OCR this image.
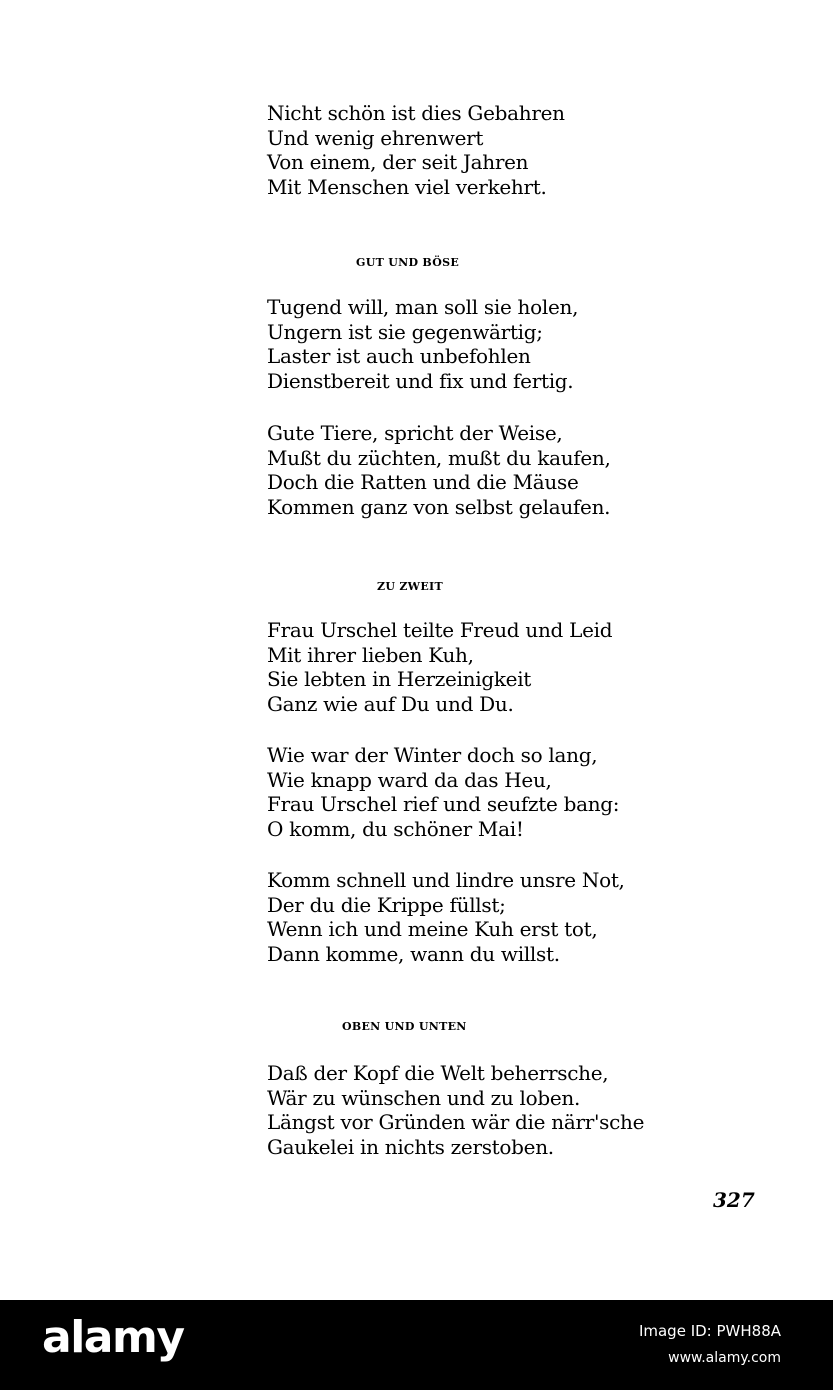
Nicht schön ist dies Gebahren
Und wenig ehrenwert
Von einem, der seit Jahren
Mit Menschen viel verkehrt.
GUT UND BÖSE
Tugend will, man soll sie holen,
Ungern ist sie gegenwärtig;
Laster ist auch unbefohlen
Dienstbereit und fix und fertig.
Gute Tiere, spricht der Weise,
Mußt du züchten, mußt du kaufen,
Doch die Ratten und die Mäuse
Kommen ganz von selbst gelaufen.
ZU ZWEIT
Frau Urschel teilte Freud und Leid
Mit ihrer lieben Kuh,
Sie lebten in Herzeinigkeit
Ganz wie auf Du und Du.
Wie war der Winter doch so lang,
Wie knapp ward da das Heu,
Frau Urschel rief und seufzte bang:
O komm, du schöner Mai!
Komm schnell und lindre unsre Not,
Der du die Krippe füllst;
Wenn ich und meine Kuh erst tot,
Dann komme, wann du willst.
OBEN UND UNTEN
Daß der Kopf die Welt beherrsche,
Wär zu wünschen und zu loben.
Längst vor Gründen wär die närr'sche
Gaukelei in nichts zerstoben.
327
alamy	Image ID: PWH88A
www.alamy.com
